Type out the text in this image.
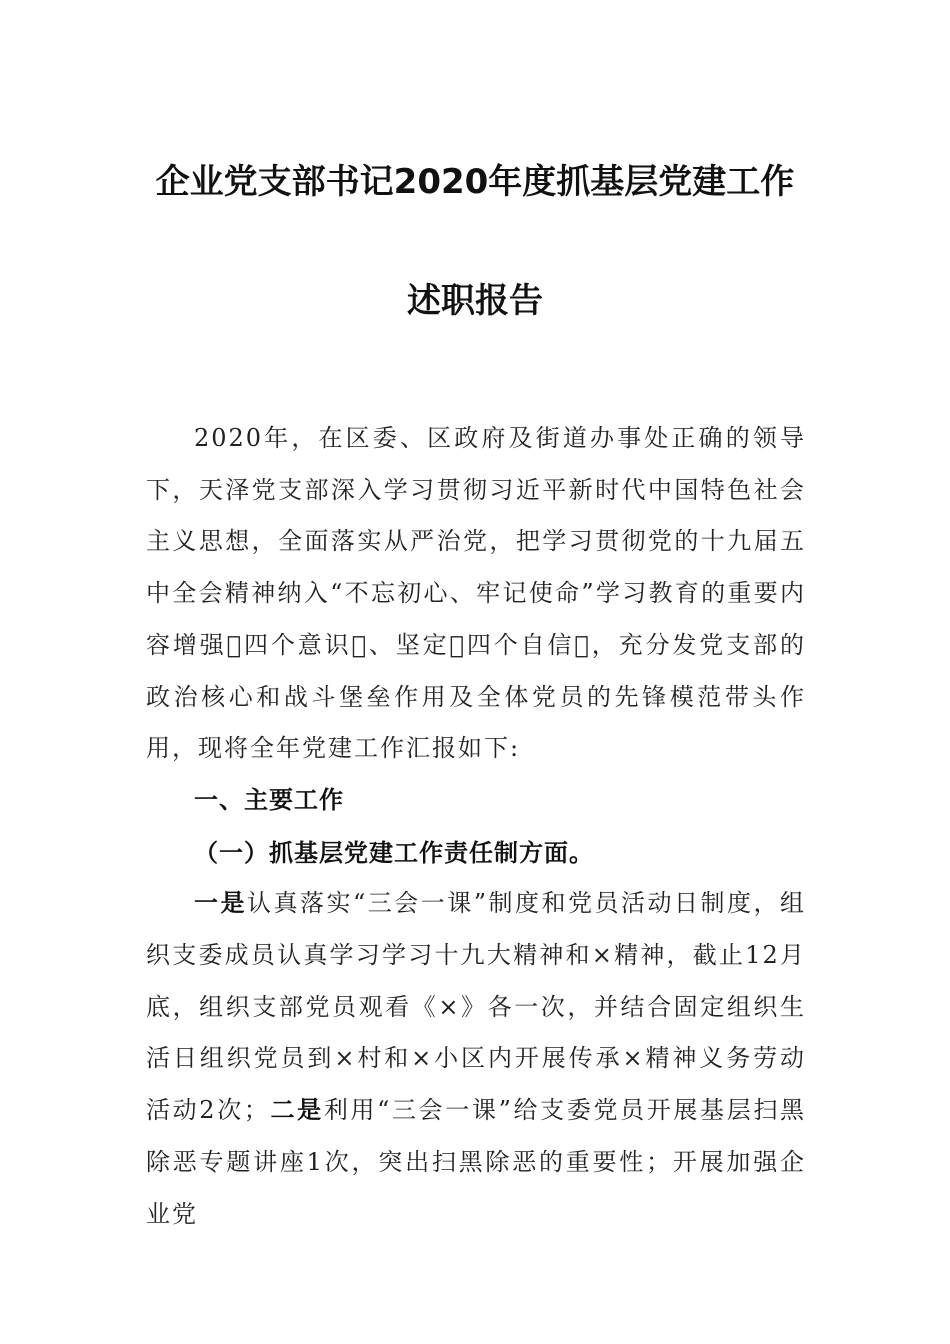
企业党支部书记2020年度抓基层党建工作
述职报告

2020年，在区委、区政府及街道办事处正确的领导下，天泽党支部深入学习贯彻习近平新时代中国特色社会主义思想，全面落实从严治党，把学习贯彻党的十九届五中全会精神纳入“不忘初心、牢记使命”学习教育的重要内容增强 四个意识 、坚定 四个自信 ，充分发党支部的政治核心和战斗堡垒作用及全体党员的先锋模范带头作用，现将全年党建工作汇报如下:

一、主要工作

（一）抓基层党建工作责任制方面。

一是认真落实“三会一课”制度和党员活动日制度，组织支委成员认真学习学习十九大精神和×精神，截止12月底，组织支部党员观看《×》各一次，并结合固定组织生活日组织党员到×村和×小区内开展传承×精神义务劳动活动2次；二是利用“三会一课”给支委党员开展基层扫黑除恶专题讲座1次，突出扫黑除恶的重要性；开展加强企业党
